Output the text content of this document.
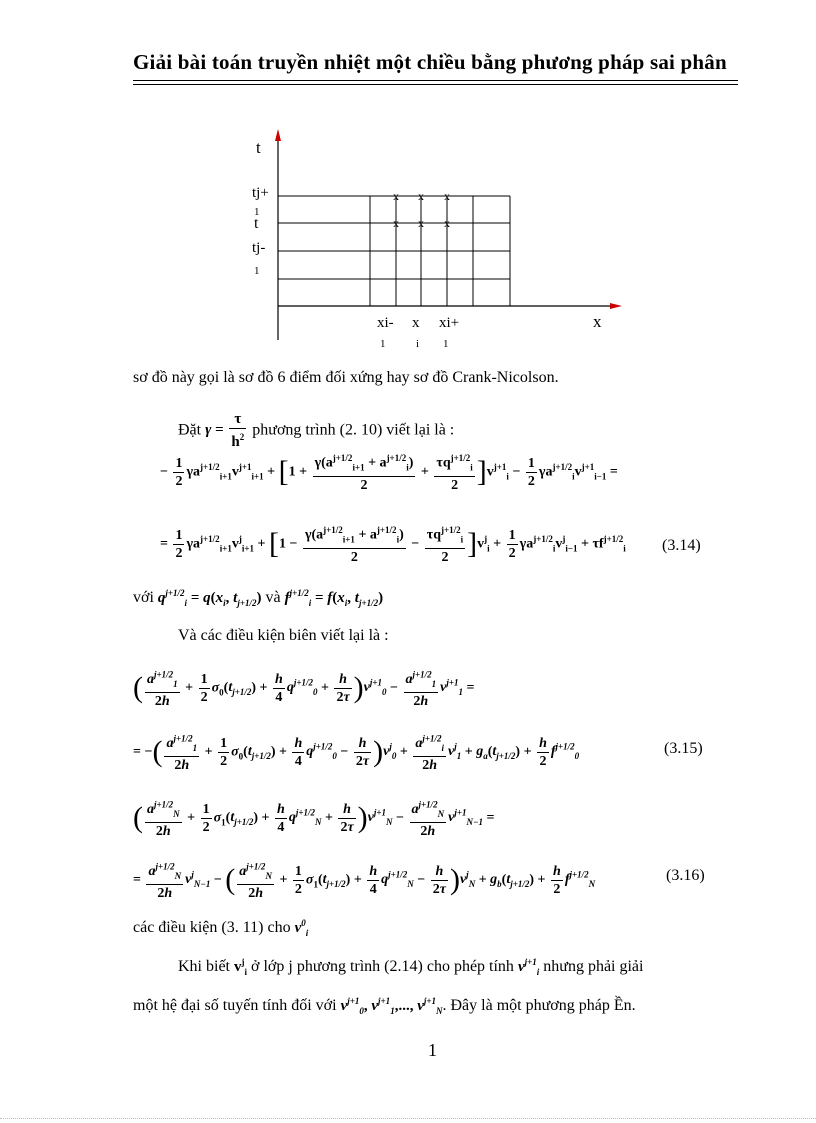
Giải bài toán truyền nhiệt một chiều bằng phương pháp sai phân
x x x
x x x
t
x
tj+
1
t
tj-
1
xi- x xi+
1	i 1
sơ đồ này gọi là sơ đồ 6 điểm đối xứng hay sơ đồ Crank-Nicolson.
Đặt $\gamma = \frac{\tau}{h^2}$ phương trình (2. 10) viết lại là :
− $\frac{1}{2} \gamma a^{j+1/2}_{i+1}v^{j+1}_{i+1} + [1 + \frac{\gamma(a^{j+1/2}_{i+1} + a^{j+1/2}_i)}{2} + \frac{\tau q^{j+1/2}_i}{2} ]v^{j+1}_i - \frac{1}{2} \gamma a^{j+1/2}_iv^{j+1}_{i-1}$ =
= $\frac{1}{2} \gamma a^{j+1/2}_{i+1}v^j_{i+1} + [1 - \frac{\gamma(a^{j+1/2}_{i+1} + a^{j+1/2}_i)}{2} - \frac{\tau q^{j+1/2}_i}{2} ]v^j_i + \frac{1}{2} \gamma a^{j+1/2}_iv^j_{i-1} + \tau f^{j+1/2}_i$ (3.14)
với $q^{j+1/2}_i = q(x_i$, $t_{j+1/2}$) và $f^{j+1/2}_i = f(x_i$, $t_{j+1/2}$)
Và các điều kiện biên viết lại là :
( $\frac{a^{j+1/2}_1}{2h} + \frac{1}{2} \sigma_0(t_{j+1/2}) + \frac{h}{4} q^{j+1/2}_0 + \frac{h}{2\tau} )v^{j+1}_0 - \frac{a^{j+1/2}_1}{2h} v^{j+1}_1$ =
= −( $\frac{a^{j+1/2}_1}{2h} + \frac{1}{2} \sigma_0(t_{j+1/2}) + \frac{h}{4} q^{j+1/2}_0 - \frac{h}{2\tau} )v^j_0 + \frac{a^{j+1/2}_i}{2h} v^j_1 + g_a(t_{j+1/2}) + \frac{h}{2} f^{j+1/2}_0$	(3.15)
( $\frac{a^{j+1/2}_N}{2h} + \frac{1}{2} \sigma_1(t_{j+1/2}) + \frac{h}{4} q^{j+1/2}_N + \frac{h}{2\tau} )v^{j+1}_N - \frac{a^{j+1/2}_N}{2h} v^{j+1}_{N-1}$ =
= $\frac{a^{j+1/2}_N}{2h} v^j_{N-1}$ − ( $\frac{a^{j+1/2}_N}{2h} + \frac{1}{2} \sigma_1(t_{j+1/2}) + \frac{h}{4} q^{j+1/2}_N - \frac{h}{2\tau} )v^j_N + g_b(t_{j+1/2}) + \frac{h}{2} f^{j+1/2}_N$
(3.16)
các điều kiện (3. 11) cho $v^0_i$
Khi biết $v^j_i$ ở lớp j phương trình (2.14) cho phép tính $v^{j+1}_i$ nhưng phải giải
một hệ đại số tuyến tính đối với $v^{j+1}_0$, $v^{j+1}_1$,..., $v^{j+1}_N$. Đây là một phương pháp Ền.
1
